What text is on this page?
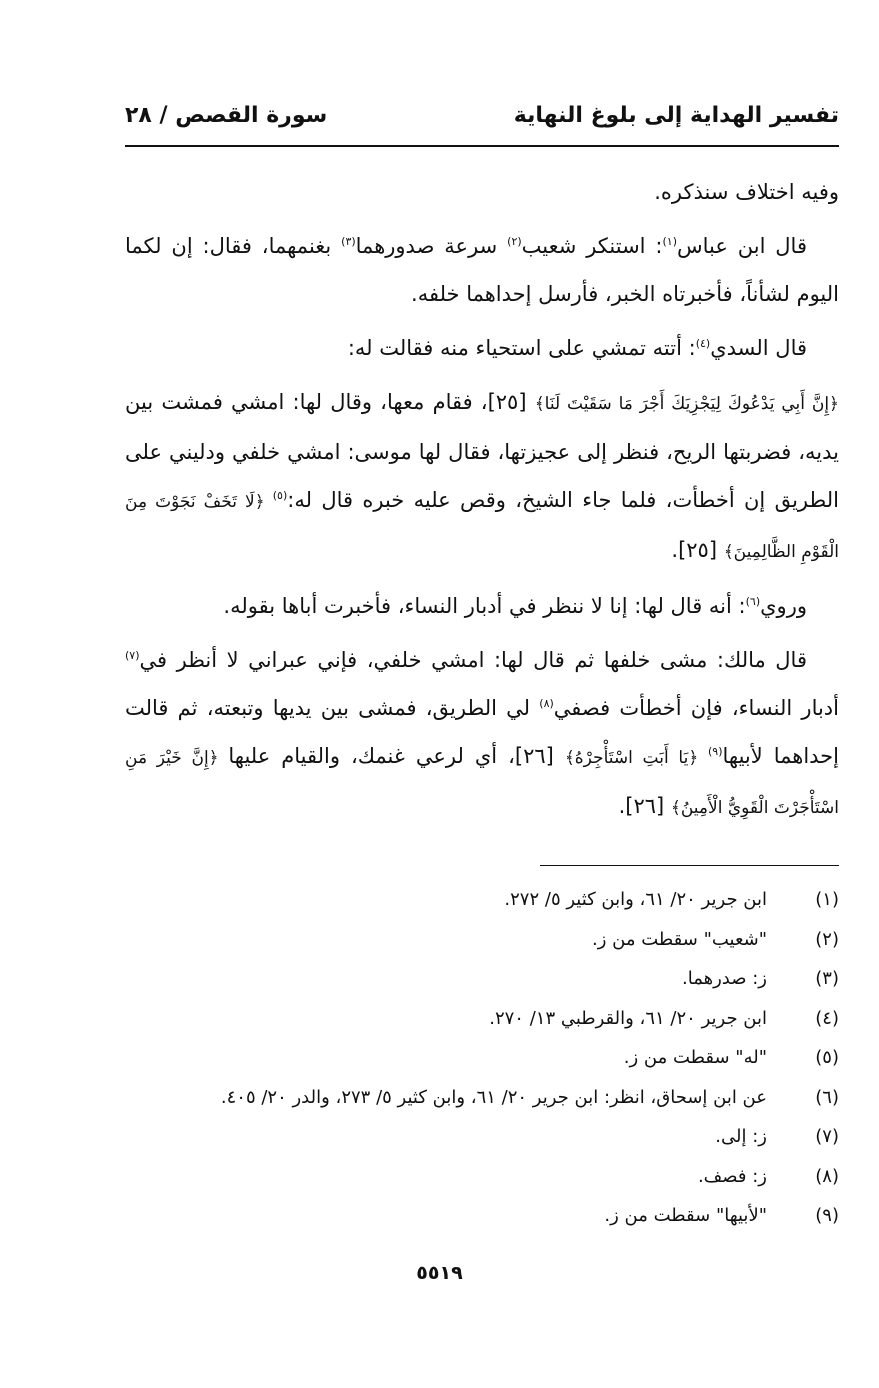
تفسير الهداية إلى بلوغ النهاية
سورة القصص / ٢٨

وفيه اختلاف سنذكره.

قال ابن عباس$^{(١)}$: استنكر شعيب$^{(٢)}$ سرعة صدورهما$^{(٣)}$ بغنمهما، فقال: إن لكما اليوم لشأناً، فأخبرتاه الخبر، فأرسل إحداهما خلفه.

قال السدي$^{(٤)}$: أتته تمشي على استحياء منه فقالت له:

﴿إِنَّ أَبِي يَدْعُوكَ لِيَجْزِيَكَ أَجْرَ مَا سَقَيْتَ لَنَا﴾ [٢٥]، فقام معها، وقال لها: امشي فمشت بين يديه، فضربتها الريح، فنظر إلى عجيزتها، فقال لها موسى: امشي خلفي ودليني على الطريق إن أخطأت، فلما جاء الشيخ، وقص عليه خبره قال له:$^{(٥)}$ ﴿لَا تَخَفْ نَجَوْتَ مِنَ الْقَوْمِ الظَّالِمِينَ﴾ [٢٥].

وروي$^{(٦)}$: أنه قال لها: إنا لا ننظر في أدبار النساء، فأخبرت أباها بقوله.

قال مالك: مشى خلفها ثم قال لها: امشي خلفي، فإني عبراني لا أنظر في$^{(٧)}$ أدبار النساء، فإن أخطأت فصفي$^{(٨)}$ لي الطريق، فمشى بين يديها وتبعته، ثم قالت إحداهما لأبيها$^{(٩)}$ ﴿يَا أَبَتِ اسْتَأْجِرْهُ﴾ [٢٦]، أي لرعي غنمك، والقيام عليها ﴿إِنَّ خَيْرَ مَنِ اسْتَأْجَرْتَ الْقَوِيُّ الْأَمِينُ﴾ [٢٦].

(١)
ابن جرير ٢٠/ ٦١، وابن كثير ٥/ ٢٧٢.
(٢)
"شعيب" سقطت من ز.
(٣)
ز: صدرهما.
(٤)
ابن جرير ٢٠/ ٦١، والقرطبي ١٣/ ٢٧٠.
(٥)
"له" سقطت من ز.
(٦)
عن ابن إسحاق، انظر: ابن جرير ٢٠/ ٦١، وابن كثير ٥/ ٢٧٣، والدر ٢٠/ ٤٠٥.
(٧)
ز: إلى.
(٨)
ز: فصف.
(٩)
"لأبيها" سقطت من ز.
٥٥١٩
